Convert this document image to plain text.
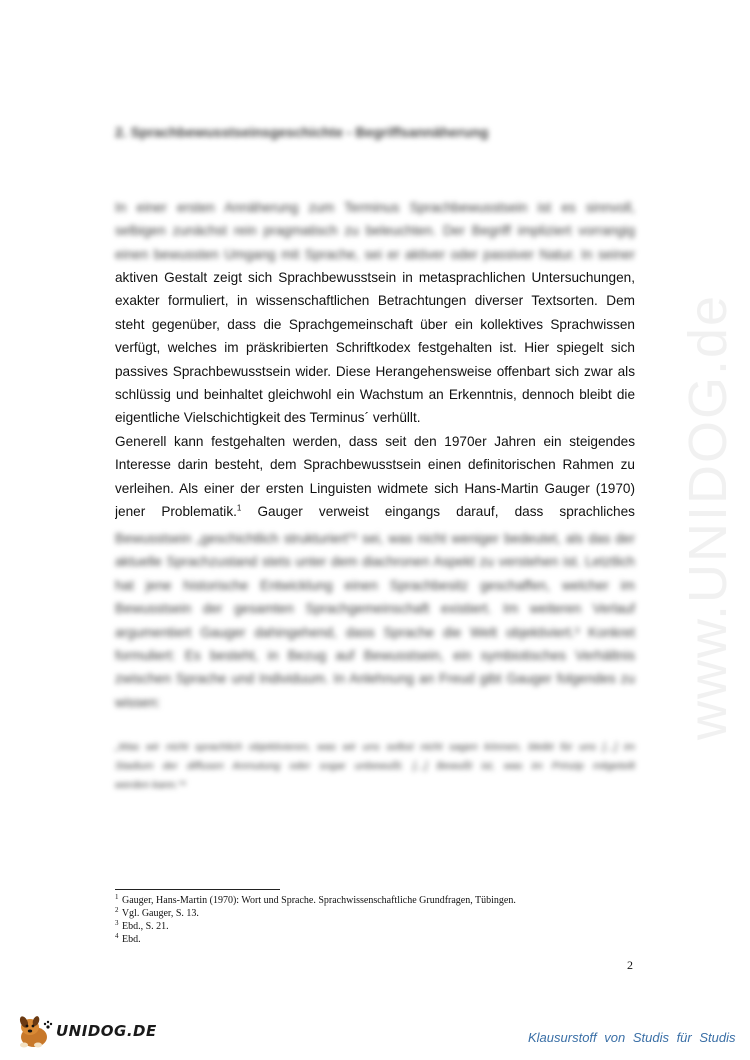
www.UNIDOG.de
2. Sprachbewusstseinsgeschichte - Begriffsannäherung
In einer ersten Annäherung zum Terminus Sprachbewusstsein ist es sinnvoll,
selbigen zunächst rein pragmatisch zu beleuchten. Der Begriff impliziert vorrangig
einen bewussten Umgang mit Sprache, sei er aktiver oder passiver Natur. In seiner
aktiven Gestalt zeigt sich Sprachbewusstsein in metasprachlichen Untersuchungen,
exakter formuliert, in wissenschaftlichen Betrachtungen diverser Textsorten. Dem
steht gegenüber, dass die Sprachgemeinschaft über ein kollektives Sprachwissen
verfügt, welches im präskribierten Schriftkodex festgehalten ist. Hier spiegelt sich
passives Sprachbewusstsein wider. Diese Herangehensweise offenbart sich zwar als
schlüssig und beinhaltet gleichwohl ein Wachstum an Erkenntnis, dennoch bleibt die
eigentliche Vielschichtigkeit des Terminus´ verhüllt.
Generell kann festgehalten werden, dass seit den 1970er Jahren ein steigendes
Interesse darin besteht, dem Sprachbewusstsein einen definitorischen Rahmen zu
verleihen. Als einer der ersten Linguisten widmete sich Hans-Martin Gauger (1970)
jener Problematik.$^1$ Gauger verweist eingangs darauf, dass sprachliches
Bewusstsein „geschichtlich strukturiert“² sei, was nicht weniger bedeutet, als das der
aktuelle Sprachzustand stets unter dem diachronen Aspekt zu verstehen ist. Letztlich
hat jene historische Entwicklung einen Sprachbesitz geschaffen, welcher im
Bewusstsein der gesamten Sprachgemeinschaft existiert. Im weiteren Verlauf
argumentiert Gauger dahingehend, dass Sprache die Welt objektiviert.³ Konkret
formuliert: Es besteht, in Bezug auf Bewusstsein, ein symbiotisches Verhältnis
zwischen Sprache und Individuum. In Anlehnung an Freud gibt Gauger folgendes zu
wissen:
„Was wir nicht sprachlich objektivieren, was wir uns selbst nicht sagen können, bleibt für uns [...] im
Stadium der diffusen Anmutung oder sogar unbewußt. [...] Bewußt ist, was im Prinzip mitgeteilt
werden kann.“⁴
$^1$ Gauger, Hans-Martin (1970): Wort und Sprache. Sprachwissenschaftliche Grundfragen, Tübingen.
$^2$ Vgl. Gauger, S. 13.
$^3$ Ebd., S. 21.
$^4$ Ebd.
2
UNIDOG.DE	Klausurstoff von Studis für Studis
